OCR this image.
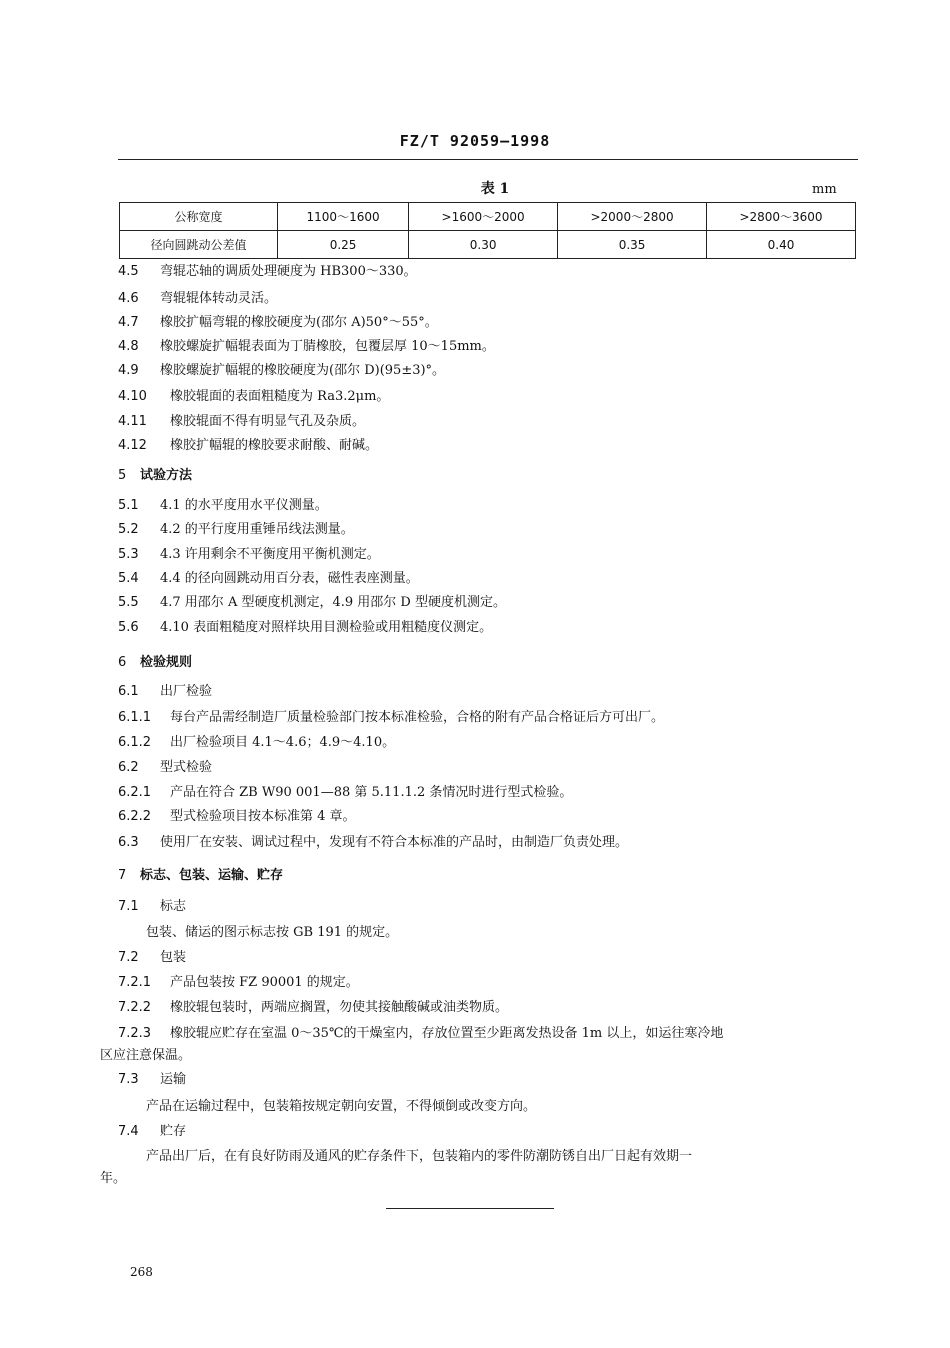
FZ/T 92059—1998
表 1	mm
公称宽度	1100～1600	>1600～2000	>2000～2800	>2800～3600
径向圆跳动公差值	0.25	0.30	0.35	0.40
4.5 弯辊芯轴的调质处理硬度为 HB300～330。
4.6 弯辊辊体转动灵活。
4.7 橡胶扩幅弯辊的橡胶硬度为(邵尔 A)50°～55°。
4.8 橡胶螺旋扩幅辊表面为丁腈橡胶，包覆层厚 10～15mm。
4.9 橡胶螺旋扩幅辊的橡胶硬度为(邵尔 D)(95±3)°。
4.10 橡胶辊面的表面粗糙度为 Ra3.2μm。
4.11 橡胶辊面不得有明显气孔及杂质。
4.12 橡胶扩幅辊的橡胶要求耐酸、耐碱。
5 试验方法
5.1 4.1 的水平度用水平仪测量。
5.2 4.2 的平行度用重锤吊线法测量。
5.3 4.3 许用剩余不平衡度用平衡机测定。
5.4 4.4 的径向圆跳动用百分表，磁性表座测量。
5.5 4.7 用邵尔 A 型硬度机测定，4.9 用邵尔 D 型硬度机测定。
5.6 4.10 表面粗糙度对照样块用目测检验或用粗糙度仪测定。
6 检验规则
6.1 出厂检验
6.1.1 每台产品需经制造厂质量检验部门按本标准检验，合格的附有产品合格证后方可出厂。
6.1.2 出厂检验项目 4.1～4.6；4.9～4.10。
6.2 型式检验
6.2.1 产品在符合 ZB W90 001—88 第 5.11.1.2 条情况时进行型式检验。
6.2.2 型式检验项目按本标准第 4 章。
6.3 使用厂在安装、调试过程中，发现有不符合本标准的产品时，由制造厂负责处理。
7 标志、包装、运输、贮存
7.1 标志
包装、储运的图示标志按 GB 191 的规定。
7.2 包装
7.2.1 产品包装按 FZ 90001 的规定。
7.2.2 橡胶辊包装时，两端应搁置，勿使其接触酸碱或油类物质。
7.2.3 橡胶辊应贮存在室温 0～35℃的干燥室内，存放位置至少距离发热设备 1m 以上，如运往寒冷地
区应注意保温。
7.3 运输
产品在运输过程中，包装箱按规定朝向安置，不得倾倒或改变方向。
7.4 贮存
产品出厂后，在有良好防雨及通风的贮存条件下，包装箱内的零件防潮防锈自出厂日起有效期一
年。
268
